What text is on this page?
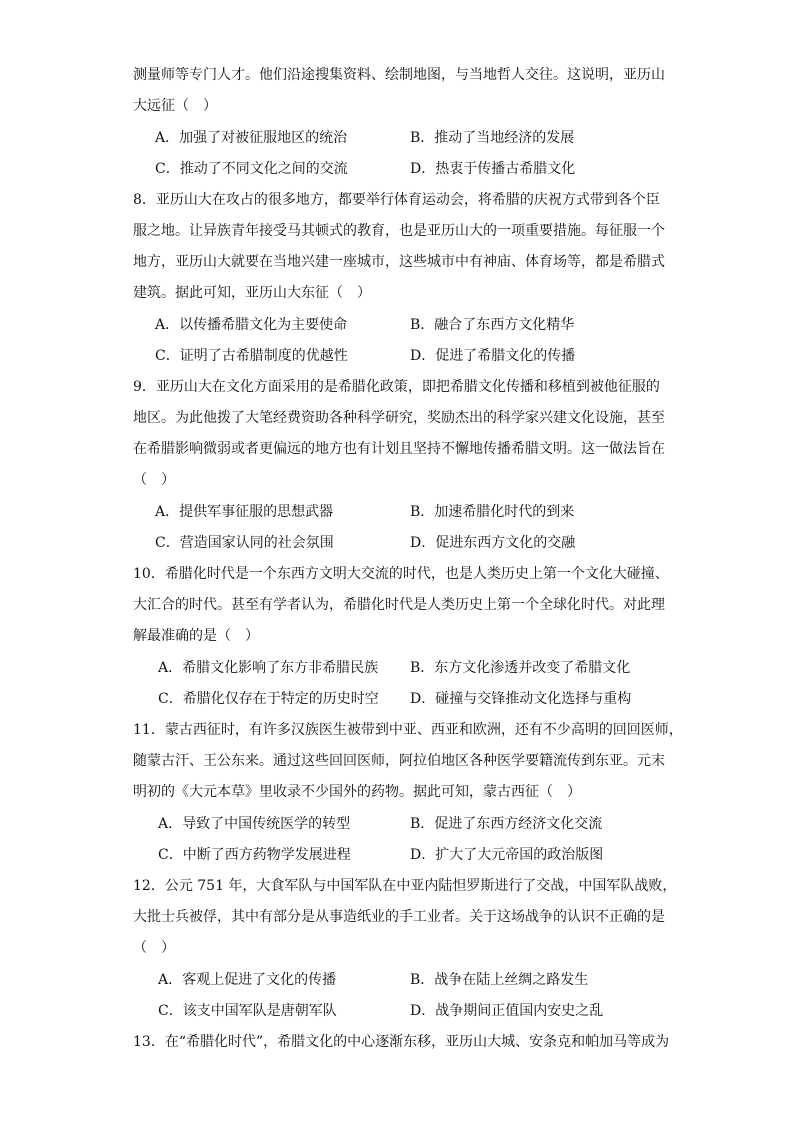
测量师等专门人才。他们沿途搜集资料、绘制地图，与当地哲人交往。这说明，亚历山
大远征（　）
A．加强了对被征服地区的统治	B．推动了当地经济的发展
C．推动了不同文化之间的交流	D．热衷于传播古希腊文化
8．亚历山大在攻占的很多地方，都要举行体育运动会，将希腊的庆祝方式带到各个臣
服之地。让异族青年接受马其顿式的教育，也是亚历山大的一项重要措施。每征服一个
地方，亚历山大就要在当地兴建一座城市，这些城市中有神庙、体育场等，都是希腊式
建筑。据此可知，亚历山大东征（　）
A．以传播希腊文化为主要使命	B．融合了东西方文化精华
C．证明了古希腊制度的优越性	D．促进了希腊文化的传播
9．亚历山大在文化方面采用的是希腊化政策，即把希腊文化传播和移植到被他征服的
地区。为此他拨了大笔经费资助各种科学研究，奖励杰出的科学家兴建文化设施，甚至
在希腊影响微弱或者更偏远的地方也有计划且坚持不懈地传播希腊文明。这一做法旨在
（　）
A．提供军事征服的思想武器	B．加速希腊化时代的到来
C．营造国家认同的社会氛围	D．促进东西方文化的交融
10．希腊化时代是一个东西方文明大交流的时代，也是人类历史上第一个文化大碰撞、
大汇合的时代。甚至有学者认为，希腊化时代是人类历史上第一个全球化时代。对此理
解最准确的是（　）
A．希腊文化影响了东方非希腊民族 B．东方文化渗透并改变了希腊文化
C．希腊化仅存在于特定的历史时空 D．碰撞与交锋推动文化选择与重构
11．蒙古西征时，有许多汉族医生被带到中亚、西亚和欧洲，还有不少高明的回回医师，
随蒙古汗、王公东来。通过这些回回医师，阿拉伯地区各种医学要籍流传到东亚。元末
明初的《大元本草》里收录不少国外的药物。据此可知，蒙古西征（　）
A．导致了中国传统医学的转型	B．促进了东西方经济文化交流
C．中断了西方药物学发展进程	D．扩大了大元帝国的政治版图
12．公元 751 年，大食军队与中国军队在中亚内陆怛罗斯进行了交战，中国军队战败，
大批士兵被俘，其中有部分是从事造纸业的手工业者。关于这场战争的认识不正确的是
（　）
A．客观上促进了文化的传播	B．战争在陆上丝绸之路发生
C．该支中国军队是唐朝军队	D．战争期间正值国内安史之乱
13．在“希腊化时代”，希腊文化的中心逐渐东移，亚历山大城、安条克和帕加马等成为
